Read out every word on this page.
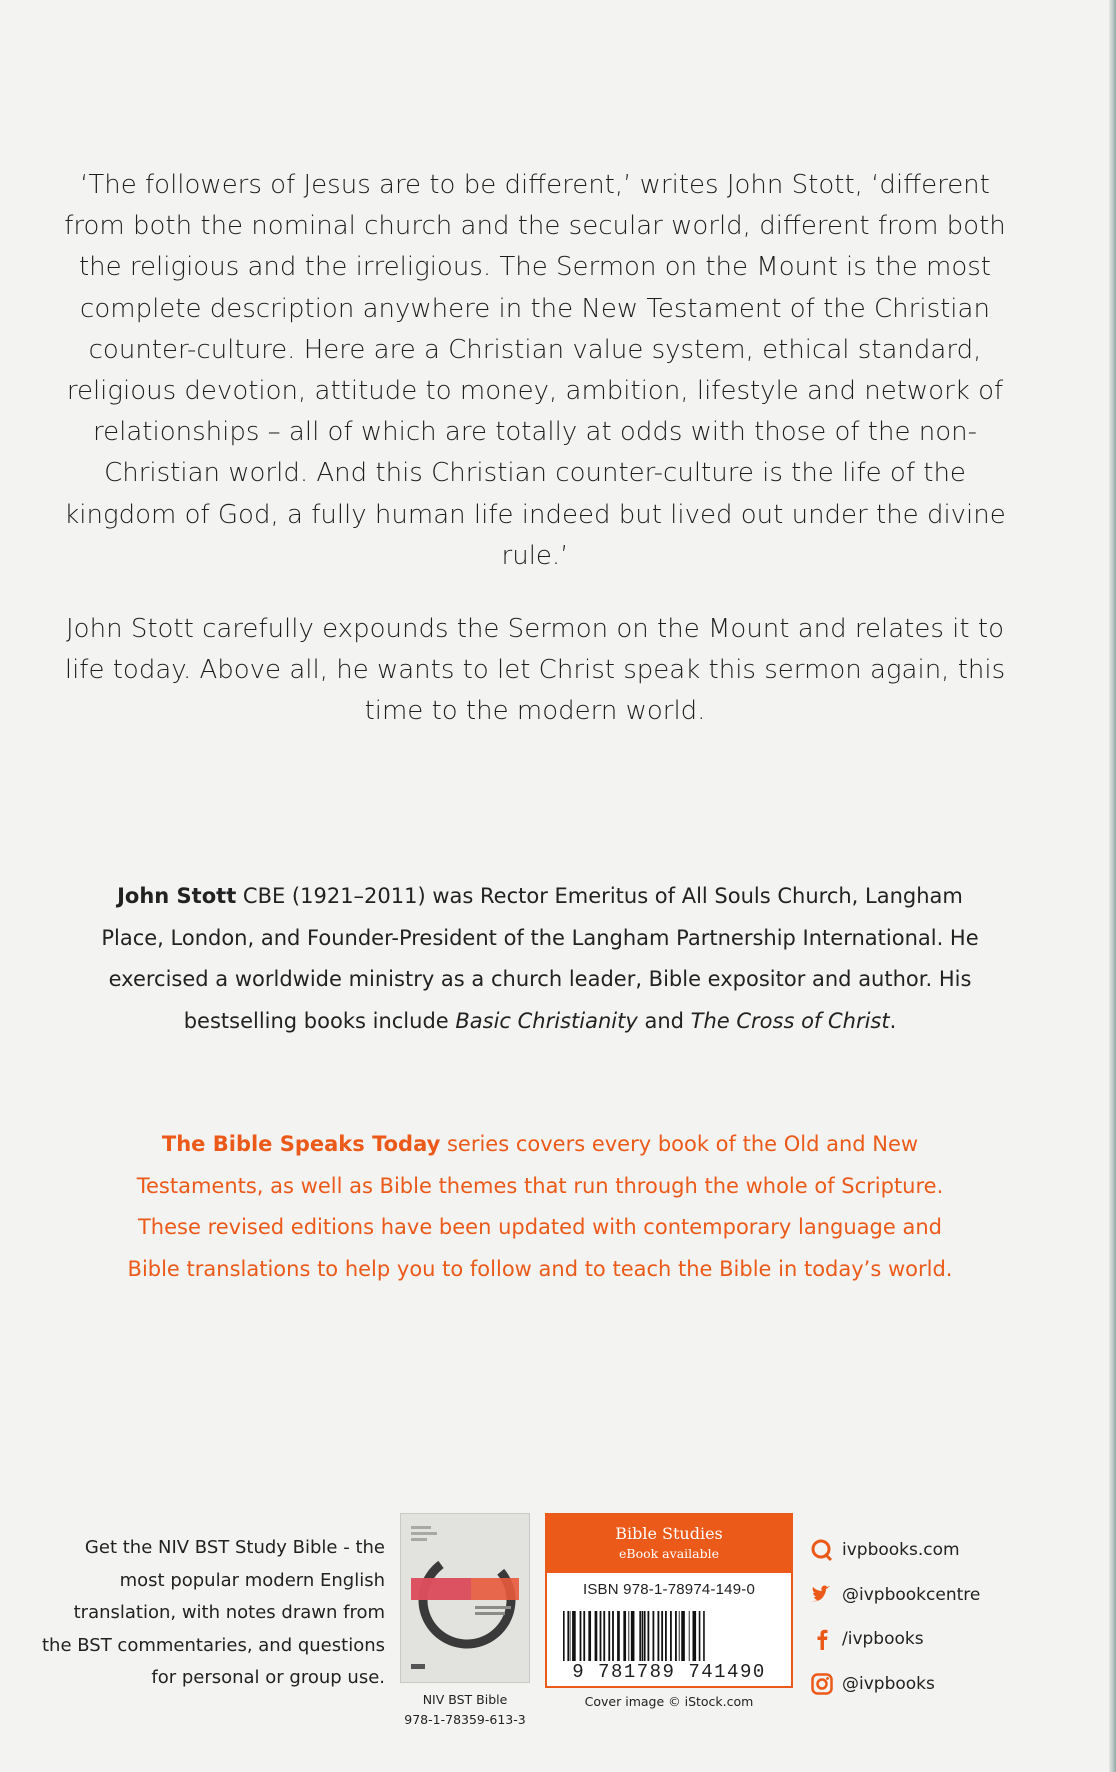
‘The followers of Jesus are to be different,’ writes John Stott, ‘different from both the nominal church and the secular world, different from both the religious and the irreligious. The Sermon on the Mount is the most complete description anywhere in the New Testament of the Christian counter-culture. Here are a Christian value system, ethical standard, religious devotion, attitude to money, ambition, lifestyle and network of relationships – all of which are totally at odds with those of the non-Christian world. And this Christian counter-culture is the life of the kingdom of God, a fully human life indeed but lived out under the divine rule.’

John Stott carefully expounds the Sermon on the Mount and relates it to life today. Above all, he wants to let Christ speak this sermon again, this time to the modern world.

John Stott CBE (1921–2011) was Rector Emeritus of All Souls Church, Langham Place, London, and Founder-President of the Langham Partnership International. He exercised a worldwide ministry as a church leader, Bible expositor and author. His bestselling books include Basic Christianity and The Cross of Christ.
The Bible Speaks Today series covers every book of the Old and New Testaments, as well as Bible themes that run through the whole of Scripture. These revised editions have been updated with contemporary language and Bible translations to help you to follow and to teach the Bible in today’s world.
Get the NIV BST Study Bible - the most popular modern English translation, with notes drawn from the BST commentaries, and questions for personal or group use.
NIV BST Bible
978-1-78359-613-3
Bible Studies
eBook available
ISBN 978-1-78974-149-0
9 781789 741490
Cover image © iStock.com
ivpbooks.com
@ivpbookcentre
/ivpbooks
@ivpbooks
